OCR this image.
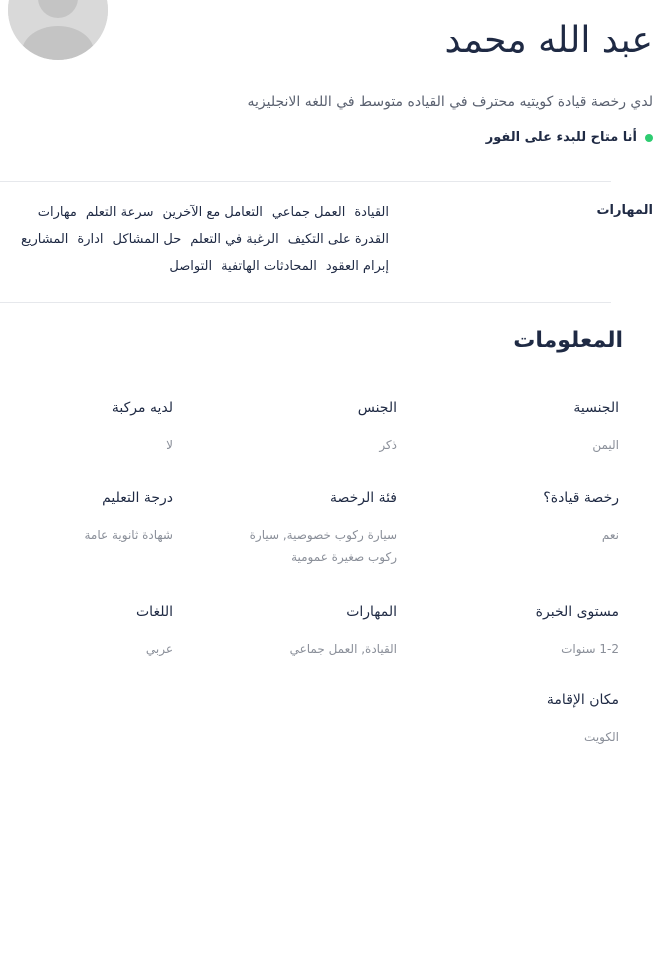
عبد الله محمد
لدي رخصة قيادة كويتيه محترف في القياده متوسط في اللغه الانجليزيه
أنا متاح للبدء على الفور
المهارات
القيادة
العمل جماعي
التعامل مع الآخرين
سرعة التعلم
مهارات
القدرة على التكيف
الرغبة في التعلم
حل المشاكل
ادارة
المشاريع
إبرام العقود
المحادثات الهاتفية
التواصل
المعلومات
الجنسية
اليمن
الجنس
ذكر
لديه مركبة
لا
رخصة قيادة؟
نعم
فئة الرخصة
سيارة ركوب خصوصية, سيارة ركوب صغيرة عمومية
درجة التعليم
شهادة ثانوية عامة
مستوى الخبرة
1-2 سنوات
المهارات
القيادة, العمل جماعي
اللغات
عربي
مكان الإقامة
الكويت
